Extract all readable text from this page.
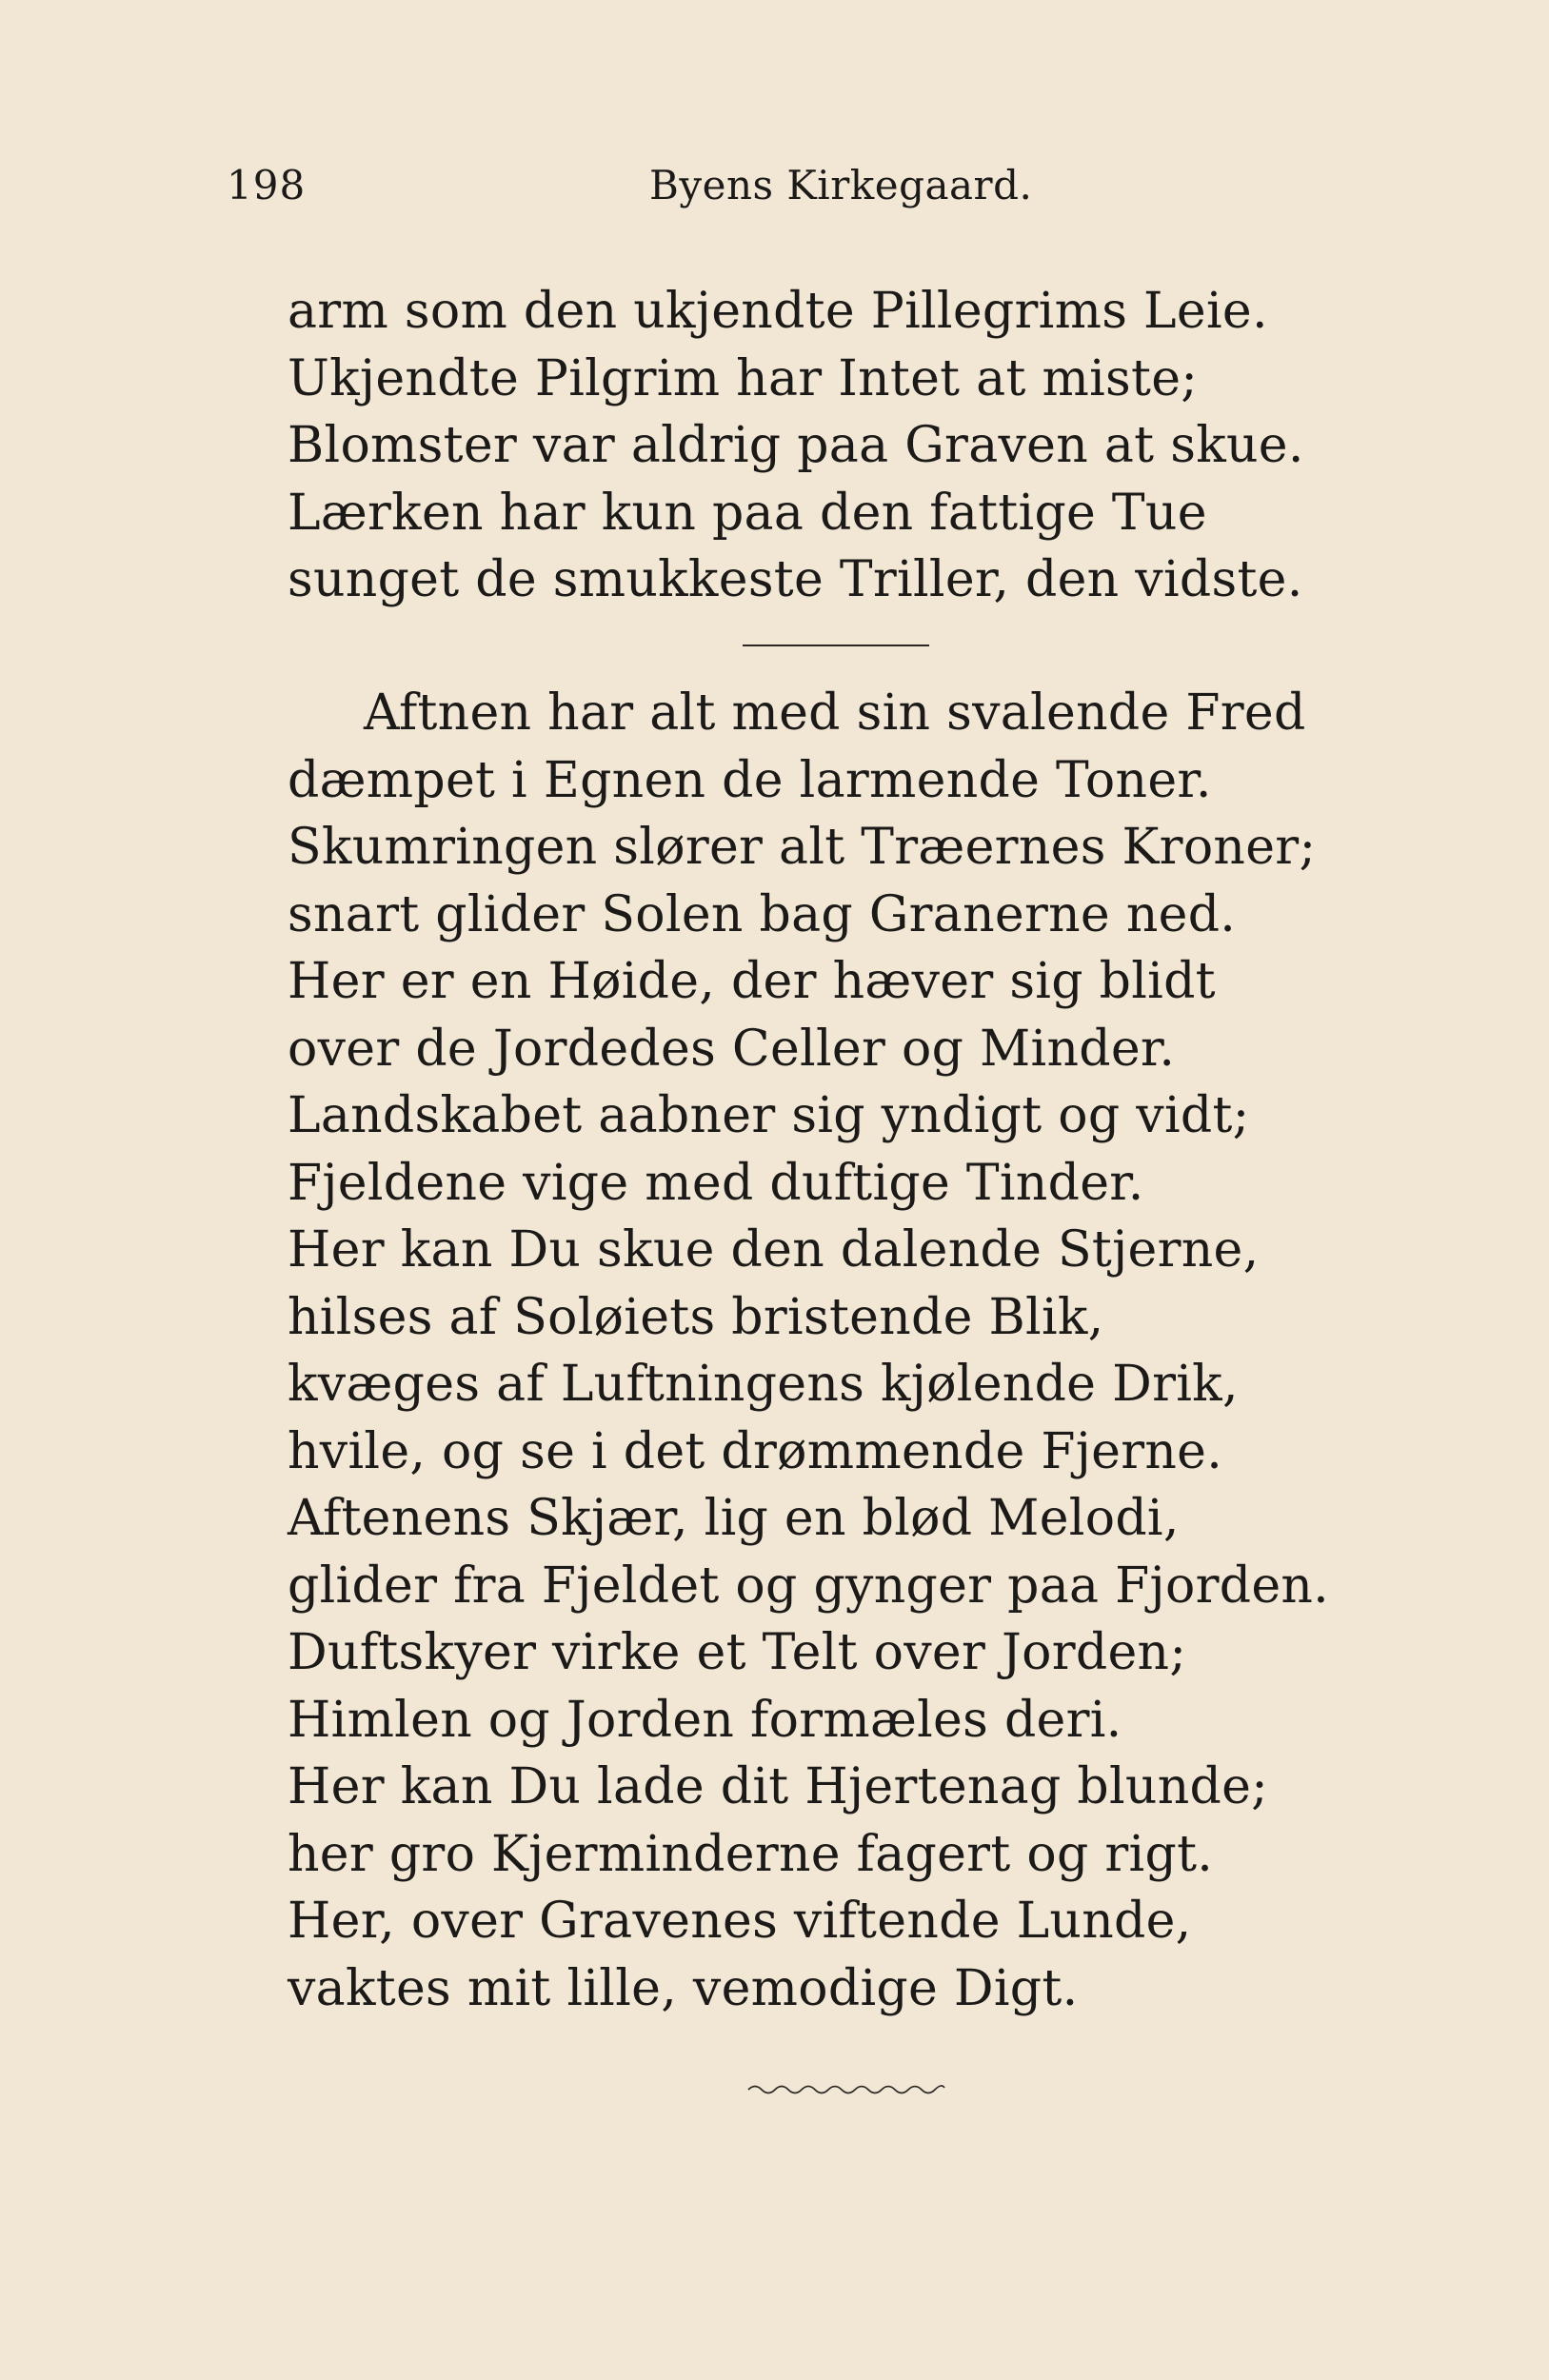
198	Byens Kirkegaard.
arm som den ukjendte Pillegrims Leie.
Ukjendte Pilgrim har Intet at miste;
Blomster var aldrig paa Graven at skue.
Lærken har kun paa den fattige Tue
sunget de smukkeste Triller, den vidste.
Aftnen har alt med sin svalende Fred
dæmpet i Egnen de larmende Toner.
Skumringen slører alt Træernes Kroner;
snart glider Solen bag Granerne ned.
Her er en Høide, der hæver sig blidt
over de Jordedes Celler og Minder.
Landskabet aabner sig yndigt og vidt;
Fjeldene vige med duftige Tinder.
Her kan Du skue den dalende Stjerne,
hilses af Soløiets bristende Blik,
kvæges af Luftningens kjølende Drik,
hvile, og se i det drømmende Fjerne.
Aftenens Skjær, lig en blød Melodi,
glider fra Fjeldet og gynger paa Fjorden.
Duftskyer virke et Telt over Jorden;
Himlen og Jorden formæles deri.
Her kan Du lade dit Hjertenag blunde;
her gro Kjerminderne fagert og rigt.
Her, over Gravenes viftende Lunde,
vaktes mit lille, vemodige Digt.
